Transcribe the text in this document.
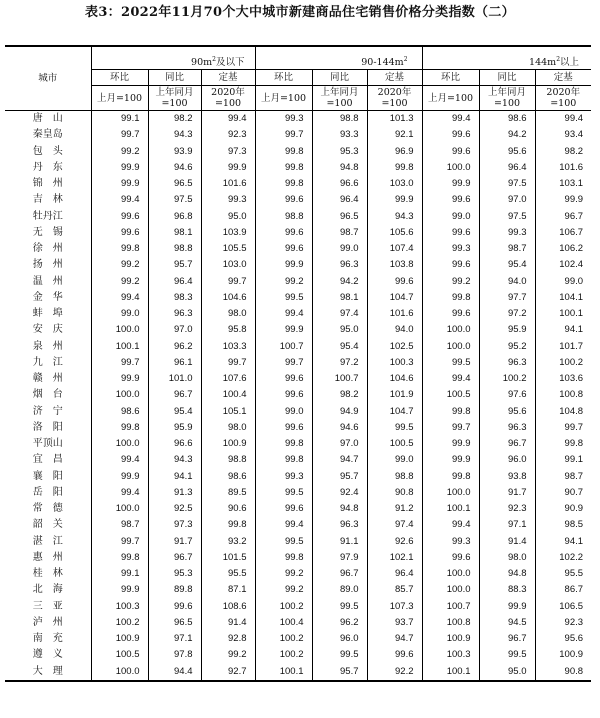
表3：2022年11月70个大中城市新建商品住宅销售价格分类指数（二）
城市	$90m^2$及以下			$90-144m^2$			$144m^2$以上		
	环比	同比	定基	环比	同比	定基	环比	同比	定基
	上月=100	上年同月=100	2020年=100	上月=100	上年同月=100	2020年=100	上月=100	上年同月=100	2020年=100
唐　山	99.1	98.2	99.4	99.3	98.8	101.3	99.4	98.6	99.4
秦皇岛	99.7	94.3	92.3	99.7	93.3	92.1	99.6	94.2	93.4
包　头	99.2	93.9	97.3	99.8	95.3	96.9	99.6	95.6	98.2
丹　东	99.9	94.6	99.9	99.8	94.8	99.8	100.0	96.4	101.6
锦　州	99.9	96.5	101.6	99.8	96.6	103.0	99.9	97.5	103.1
吉　林	99.4	97.5	99.3	99.6	96.4	99.9	99.6	97.0	99.9
牡丹江	99.6	96.8	95.0	98.8	96.5	94.3	99.0	97.5	96.7
无　锡	99.6	98.1	103.9	99.6	98.7	105.6	99.6	99.3	106.7
徐　州	99.8	98.8	105.5	99.6	99.0	107.4	99.3	98.7	106.2
扬　州	99.2	95.7	103.0	99.9	96.3	103.8	99.6	95.4	102.4
温　州	99.2	96.4	99.7	99.2	94.2	99.6	99.2	94.0	99.0
金　华	99.4	98.3	104.6	99.5	98.1	104.7	99.8	97.7	104.1
蚌　埠	99.0	96.3	98.0	99.4	97.4	101.6	99.6	97.2	100.1
安　庆	100.0	97.0	95.8	99.9	95.0	94.0	100.0	95.9	94.1
泉　州	100.1	96.2	103.3	100.7	95.4	102.5	100.0	95.2	101.7
九　江	99.7	96.1	99.7	99.7	97.2	100.3	99.5	96.3	100.2
赣　州	99.9	101.0	107.6	99.6	100.7	104.6	99.4	100.2	103.6
烟　台	100.0	96.7	100.4	99.6	98.2	101.9	100.5	97.6	100.8
济　宁	98.6	95.4	105.1	99.0	94.9	104.7	99.8	95.6	104.8
洛　阳	99.8	95.9	98.0	99.6	94.6	99.5	99.7	96.3	99.7
平顶山	100.0	96.6	100.9	99.8	97.0	100.5	99.9	96.7	99.8
宜　昌	99.4	94.3	98.8	99.8	94.7	99.0	99.9	96.0	99.1
襄　阳	99.9	94.1	98.6	99.3	95.7	98.8	99.8	93.8	98.7
岳　阳	99.4	91.3	89.5	99.5	92.4	90.8	100.0	91.7	90.7
常　德	100.0	92.5	90.6	99.6	94.8	91.2	100.1	92.3	90.9
韶　关	98.7	97.3	99.8	99.4	96.3	97.4	99.4	97.1	98.5
湛　江	99.7	91.7	93.2	99.5	91.1	92.6	99.3	91.4	94.1
惠　州	99.8	96.7	101.5	99.8	97.9	102.1	99.6	98.0	102.2
桂　林	99.1	95.3	95.5	99.2	96.7	96.4	100.0	94.8	95.5
北　海	99.9	89.8	87.1	99.2	89.0	85.7	100.0	88.3	86.7
三　亚	100.3	99.6	108.6	100.2	99.5	107.3	100.7	99.9	106.5
泸　州	100.2	96.5	91.4	100.4	96.2	93.7	100.8	94.5	92.3
南　充	100.9	97.1	92.8	100.2	96.0	94.7	100.9	96.7	95.6
遵　义	100.5	97.8	99.2	100.2	99.5	99.6	100.3	99.5	100.9
大　理	100.0	94.4	92.7	100.1	95.7	92.2	100.1	95.0	90.8
